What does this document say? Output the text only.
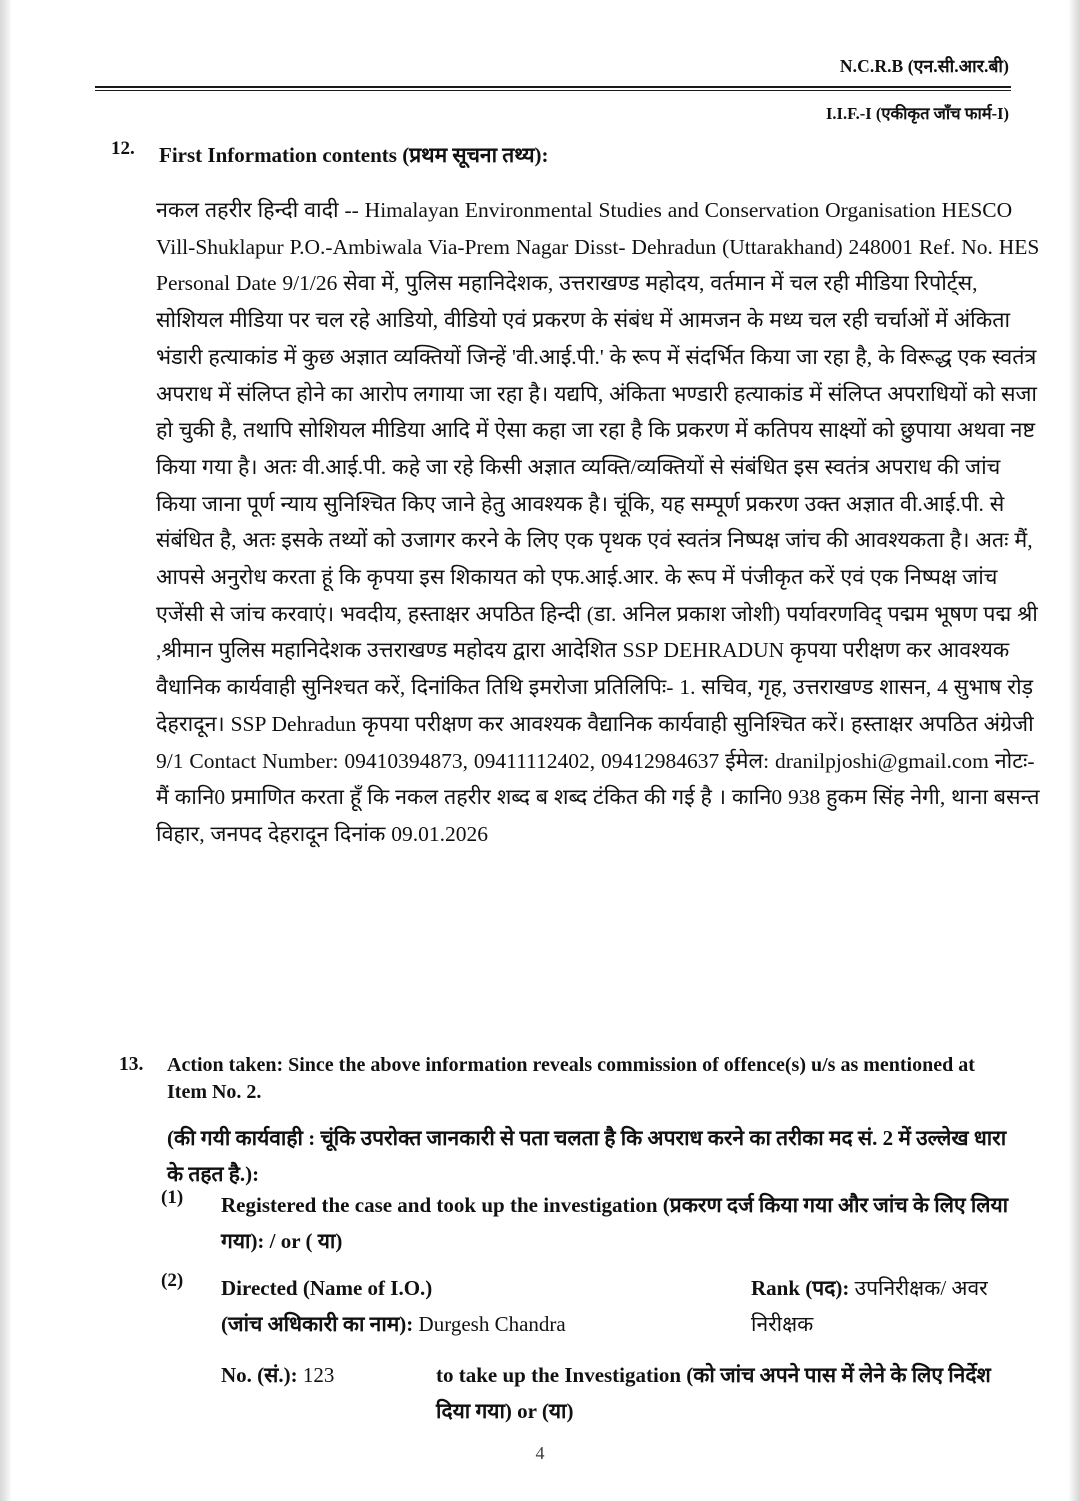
N.C.R.B (एन.सी.आर.बी)
I.I.F.-I (एकीकृत जाँच फार्म-I)
12. First Information contents (प्रथम सूचना तथ्य):

नकल तहरीर हिन्दी वादी -- Himalayan Environmental Studies and Conservation Organisation HESCO Vill-Shuklapur P.O.-Ambiwala Via-Prem Nagar Disst- Dehradun (Uttarakhand) 248001 Ref. No. HES Personal Date 9/1/26 सेवा में, पुलिस महानिदेशक, उत्तराखण्ड महोदय, वर्तमान में चल रही मीडिया रिपोर्ट्स, सोशियल मीडिया पर चल रहे आडियो, वीडियो एवं प्रकरण के संबंध में आमजन के मध्य चल रही चर्चाओं में अंकिता भंडारी हत्याकांड में कुछ अज्ञात व्यक्तियों जिन्हें 'वी.आई.पी.' के रूप में संदर्भित किया जा रहा है, के विरूद्ध एक स्वतंत्र अपराध में संलिप्त होने का आरोप लगाया जा रहा है। यद्यपि, अंकिता भण्डारी हत्याकांड में संलिप्त अपराधियों को सजा हो चुकी है, तथापि सोशियल मीडिया आदि में ऐसा कहा जा रहा है कि प्रकरण में कतिपय साक्ष्यों को छुपाया अथवा नष्ट किया गया है। अतः वी.आई.पी. कहे जा रहे किसी अज्ञात व्यक्ति/व्यक्तियों से संबंधित इस स्वतंत्र अपराध की जांच किया जाना पूर्ण न्याय सुनिश्चित किए जाने हेतु आवश्यक है। चूंकि, यह सम्पूर्ण प्रकरण उक्त अज्ञात वी.आई.पी. से संबंधित है, अतः इसके तथ्यों को उजागर करने के लिए एक पृथक एवं स्वतंत्र निष्पक्ष जांच की आवश्यकता है। अतः मैं, आपसे अनुरोध करता हूं कि कृपया इस शिकायत को एफ.आई.आर. के रूप में पंजीकृत करें एवं एक निष्पक्ष जांच एजेंसी से जांच करवाएं। भवदीय, हस्ताक्षर अपठित हिन्दी (डा. अनिल प्रकाश जोशी) पर्यावरणविद् पद्मम भूषण पद्म श्री ,श्रीमान पुलिस महानिदेशक उत्तराखण्ड महोदय द्वारा आदेशित SSP DEHRADUN कृपया परीक्षण कर आवश्यक वैधानिक कार्यवाही सुनिश्चत करें, दिनांकित तिथि इमरोजा प्रतिलिपिः- 1. सचिव, गृह, उत्तराखण्ड शासन, 4 सुभाष रोड़ देहरादून। SSP Dehradun कृपया परीक्षण कर आवश्यक वैद्यानिक कार्यवाही सुनिश्चित करें। हस्ताक्षर अपठित अंग्रेजी 9/1 Contact Number: 09410394873, 09411112402, 09412984637 ईमेल: dranilpjoshi@gmail.com नोटः- मैं कानि0 प्रमाणित करता हूँ कि नकल तहरीर शब्द ब शब्द टंकित की गई है । कानि0 938 हुकम सिंह नेगी, थाना बसन्त विहार, जनपद देहरादून दिनांक 09.01.2026

13. Action taken: Since the above information reveals commission of offence(s) u/s as mentioned at Item No. 2.
(की गयी कार्यवाही : चूंकि उपरोक्त जानकारी से पता चलता है कि अपराध करने का तरीका मद सं. 2 में उल्लेख धारा के तहत है.):
(1) Registered the case and took up the investigation (प्रकरण दर्ज किया गया और जांच के लिए लिया गया): / or ( या)
(2) Directed (Name of I.O.)
(जांच अधिकारी का नाम): Durgesh Chandra
Rank (पद): उपनिरीक्षक/ अवर निरीक्षक
No. (सं.): 123	to take up the Investigation (को जांच अपने पास में लेने के लिए निर्देश दिया गया) or (या)
4
